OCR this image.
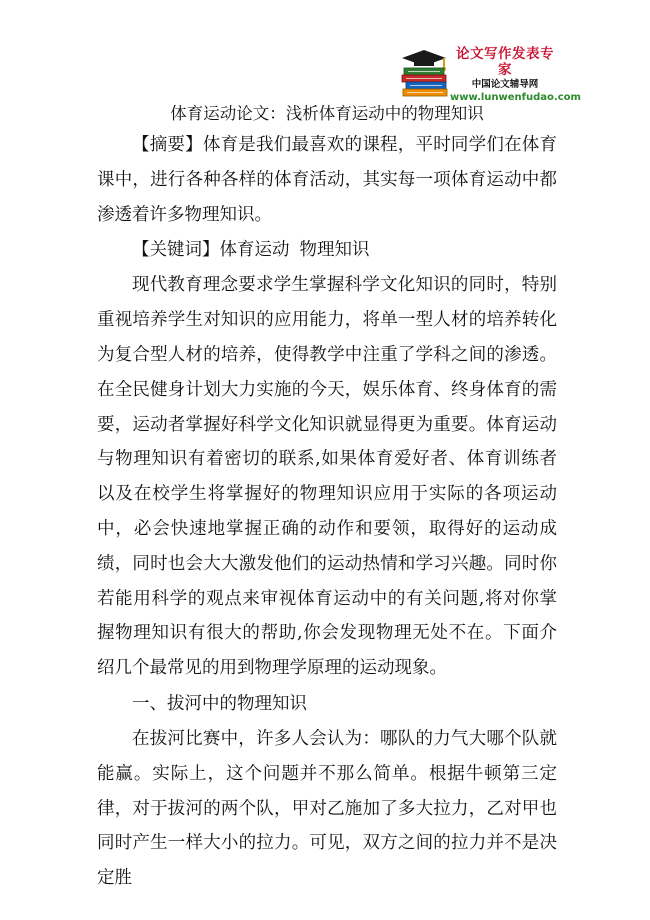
论文写作发表专家
中国论文辅导网
www.lunwenfudao.com
体育运动论文：浅析体育运动中的物理知识

【摘要】体育是我们最喜欢的课程，平时同学们在体育课中，进行各种各样的体育活动，其实每一项体育运动中都渗透着许多物理知识。

【关键词】体育运动 物理知识

现代教育理念要求学生掌握科学文化知识的同时，特别重视培养学生对知识的应用能力，将单一型人材的培养转化为复合型人材的培养，使得教学中注重了学科之间的渗透。在全民健身计划大力实施的今天，娱乐体育、终身体育的需要，运动者掌握好科学文化知识就显得更为重要。体育运动与物理知识有着密切的联系,如果体育爱好者、体育训练者以及在校学生将掌握好的物理知识应用于实际的各项运动中，必会快速地掌握正确的动作和要领，取得好的运动成绩，同时也会大大激发他们的运动热情和学习兴趣。同时你若能用科学的观点来审视体育运动中的有关问题,将对你掌握物理知识有很大的帮助,你会发现物理无处不在。下面介绍几个最常见的用到物理学原理的运动现象。

一、拔河中的物理知识

在拔河比赛中，许多人会认为：哪队的力气大哪个队就能赢。实际上，这个问题并不那么简单。根据牛顿第三定律，对于拔河的两个队，甲对乙施加了多大拉力，乙对甲也同时产生一样大小的拉力。可见，双方之间的拉力并不是决定胜
